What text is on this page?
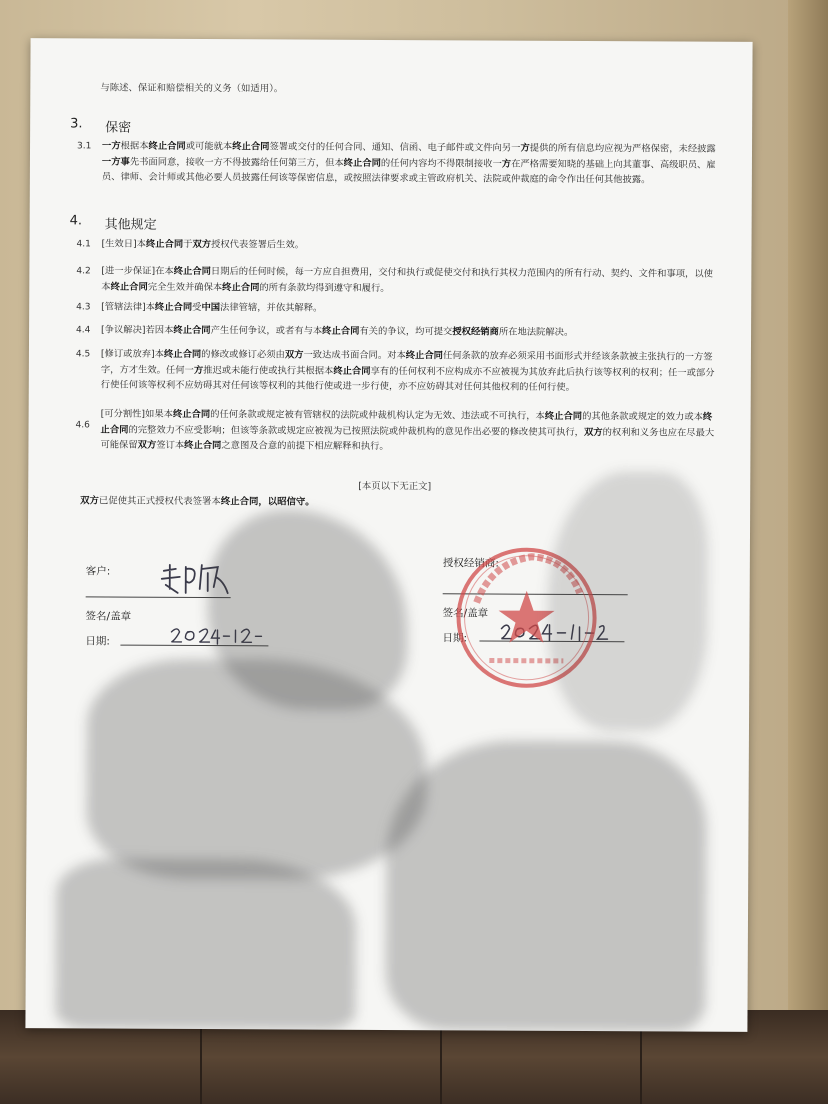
与陈述、保证和赔偿相关的义务（如适用）。
3. 保密
3.1 一方根据本终止合同或可能就本终止合同签署或交付的任何合同、通知、信函、电子邮件或文件向另一方提供的所有信息均应视为严格保密，未经披露一方事先书面同意，接收一方不得披露给任何第三方，但本终止合同的任何内容均不得限制接收一方在严格需要知晓的基础上向其董事、高级职员、雇员、律师、会计师或其他必要人员披露任何该等保密信息，或按照法律要求或主管政府机关、法院或仲裁庭的命令作出任何其他披露。
4. 其他规定
4.1 [生效日]本终止合同于双方授权代表签署后生效。
4.2 [进一步保证]在本终止合同日期后的任何时候，每一方应自担费用，交付和执行或促使交付和执行其权力范围内的所有行动、契约、文件和事项，以使本终止合同完全生效并确保本终止合同的所有条款均得到遵守和履行。
4.3 [管辖法律]本终止合同受中国法律管辖，并依其解释。
4.4 [争议解决]若因本终止合同产生任何争议，或者有与本终止合同有关的争议，均可提交授权经销商所在地法院解决。
4.5 [修订或放弃]本终止合同的修改或修订必须由双方一致达成书面合同。对本终止合同任何条款的放弃必须采用书面形式并经该条款被主张执行的一方签字，方才生效。任何一方推迟或未能行使或执行其根据本终止合同享有的任何权利不应构成亦不应被视为其放弃此后执行该等权利的权利；任一或部分行使任何该等权利不应妨碍其对任何该等权利的其他行使或进一步行使，亦不应妨碍其对任何其他权利的任何行使。
4.6
[可分割性]如果本终止合同的任何条款或规定被有管辖权的法院或仲裁机构认定为无效、违法或不可执行，本终止合同的其他条款或规定的效力或本终止合同的完整效力不应受影响；但该等条款或规定应被视为已按照法院或仲裁机构的意见作出必要的修改使其可执行，双方的权利和义务也应在尽最大可能保留双方签订本终止合同之意图及合意的前提下相应解释和执行。
[本页以下无正文]
双方已促使其正式授权代表签署本终止合同，以昭信守。
客户:
签名/盖章
日期:
授权经销商:
签名/盖章
日期:
